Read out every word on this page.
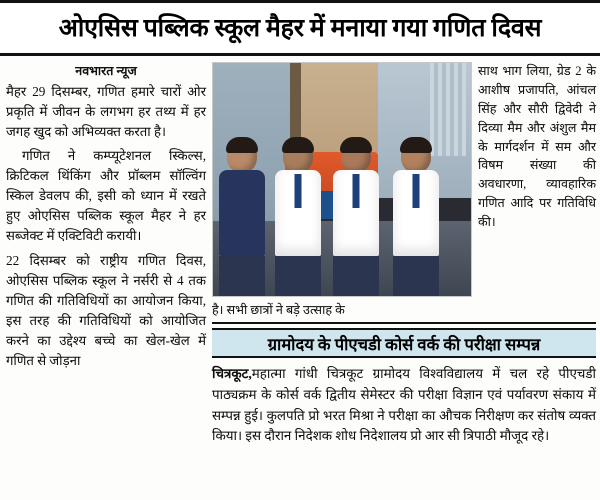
ओएसिस पब्लिक स्कूल मैहर में मनाया गया गणित दिवस
नवभारत न्यूज

मैहर 29 दिसम्बर, गणित हमारे चारों ओर प्रकृति में जीवन के लगभग हर तथ्य में हर जगह खुद को अभिव्यक्त करता है।

गणित ने कम्प्यूटेशनल स्किल्स, क्रिटिकल थिंकिंग और प्रॉब्लम सॉल्विंग स्किल डेवलप की, इसी को ध्यान में रखते हुए ओएसिस पब्लिक स्कूल मैहर ने हर सब्जेक्ट में एक्टिविटी करायी।

22 दिसम्बर को राष्ट्रीय गणित दिवस, ओएसिस पब्लिक स्कूल ने नर्सरी से 4 तक गणित की गतिविधियों का आयोजन किया, इस तरह की गतिविधियों को आयोजित करने का उद्देश्य बच्चे का खेल-खेल में गणित से जोड़ना

है। सभी छात्रों ने बड़े उत्साह के

साथ भाग लिया, ग्रेड 2 के आशीष प्रजापति, आंचल सिंह और सौरी द्विवेदी ने दिव्या मैम और अंशुल मैम के मार्गदर्शन में सम और विषम संख्या की अवधारणा, व्यावहारिक गणित आदि पर गतिविधि की।

ग्रामोदय के पीएचडी कोर्स वर्क की परीक्षा सम्पन्न

चित्रकूट,महात्मा गांधी चित्रकूट ग्रामोदय विश्वविद्यालय में चल रहे पीएचडी पाठ्यक्रम के कोर्स वर्क द्वितीय सेमेस्टर की परीक्षा विज्ञान एवं पर्यावरण संकाय में सम्पन्न हुई। कुलपति प्रो भरत मिश्रा ने परीक्षा का औचक निरीक्षण कर संतोष व्यक्त किया। इस दौरान निदेशक शोध निदेशालय प्रो आर सी त्रिपाठी मौजूद रहे।
